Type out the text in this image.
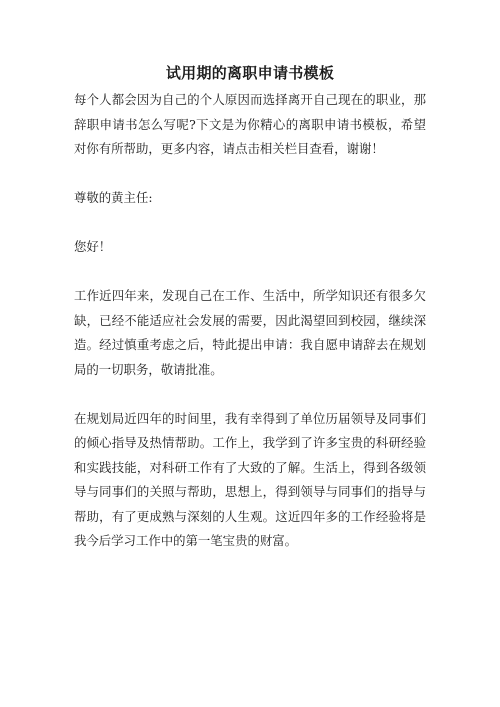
试用期的离职申请书模板

每个人都会因为自己的个人原因而选择离开自己现在的职业，那辞职申请书怎么写呢?下文是为你精心的离职申请书模板，希望对你有所帮助，更多内容，请点击相关栏目查看，谢谢！

尊敬的黄主任:

您好！

工作近四年来，发现自己在工作、生活中，所学知识还有很多欠缺，已经不能适应社会发展的需要，因此渴望回到校园，继续深造。经过慎重考虑之后，特此提出申请：我自愿申请辞去在规划局的一切职务，敬请批准。

在规划局近四年的时间里，我有幸得到了单位历届领导及同事们的倾心指导及热情帮助。工作上，我学到了许多宝贵的科研经验和实践技能，对科研工作有了大致的了解。生活上，得到各级领导与同事们的关照与帮助，思想上，得到领导与同事们的指导与帮助，有了更成熟与深刻的人生观。这近四年多的工作经验将是我今后学习工作中的第一笔宝贵的财富。
